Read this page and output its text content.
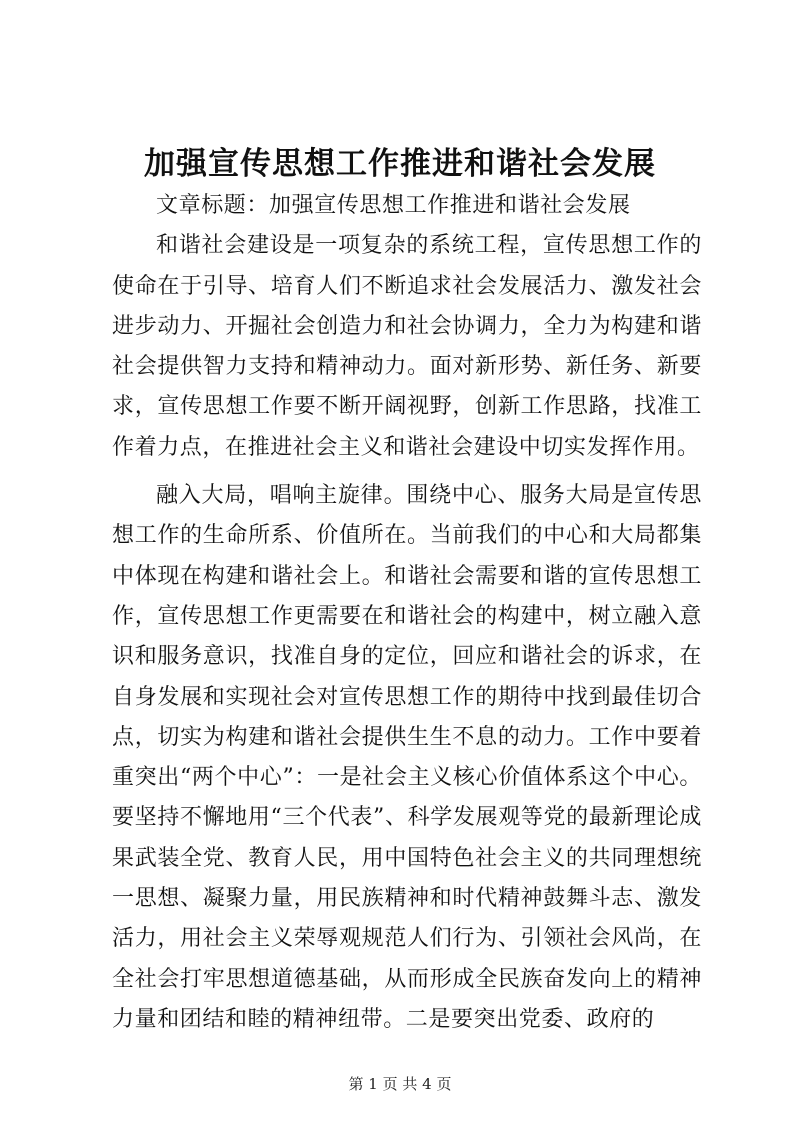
加强宣传思想工作推进和谐社会发展

文章标题：加强宣传思想工作推进和谐社会发展

和谐社会建设是一项复杂的系统工程，宣传思想工作的使命在于引导、培育人们不断追求社会发展活力、激发社会进步动力、开掘社会创造力和社会协调力，全力为构建和谐社会提供智力支持和精神动力。面对新形势、新任务、新要求，宣传思想工作要不断开阔视野，创新工作思路，找准工作着力点，在推进社会主义和谐社会建设中切实发挥作用。

融入大局，唱响主旋律。围绕中心、服务大局是宣传思想工作的生命所系、价值所在。当前我们的中心和大局都集中体现在构建和谐社会上。和谐社会需要和谐的宣传思想工作，宣传思想工作更需要在和谐社会的构建中，树立融入意识和服务意识，找准自身的定位，回应和谐社会的诉求，在自身发展和实现社会对宣传思想工作的期待中找到最佳切合点，切实为构建和谐社会提供生生不息的动力。工作中要着重突出“两个中心”：一是社会主义核心价值体系这个中心。要坚持不懈地用“三个代表”、科学发展观等党的最新理论成果武装全党、教育人民，用中国特色社会主义的共同理想统一思想、凝聚力量，用民族精神和时代精神鼓舞斗志、激发活力，用社会主义荣辱观规范人们行为、引领社会风尚，在全社会打牢思想道德基础，从而形成全民族奋发向上的精神力量和团结和睦的精神纽带。二是要突出党委、政府的

第 1 页 共 4 页
